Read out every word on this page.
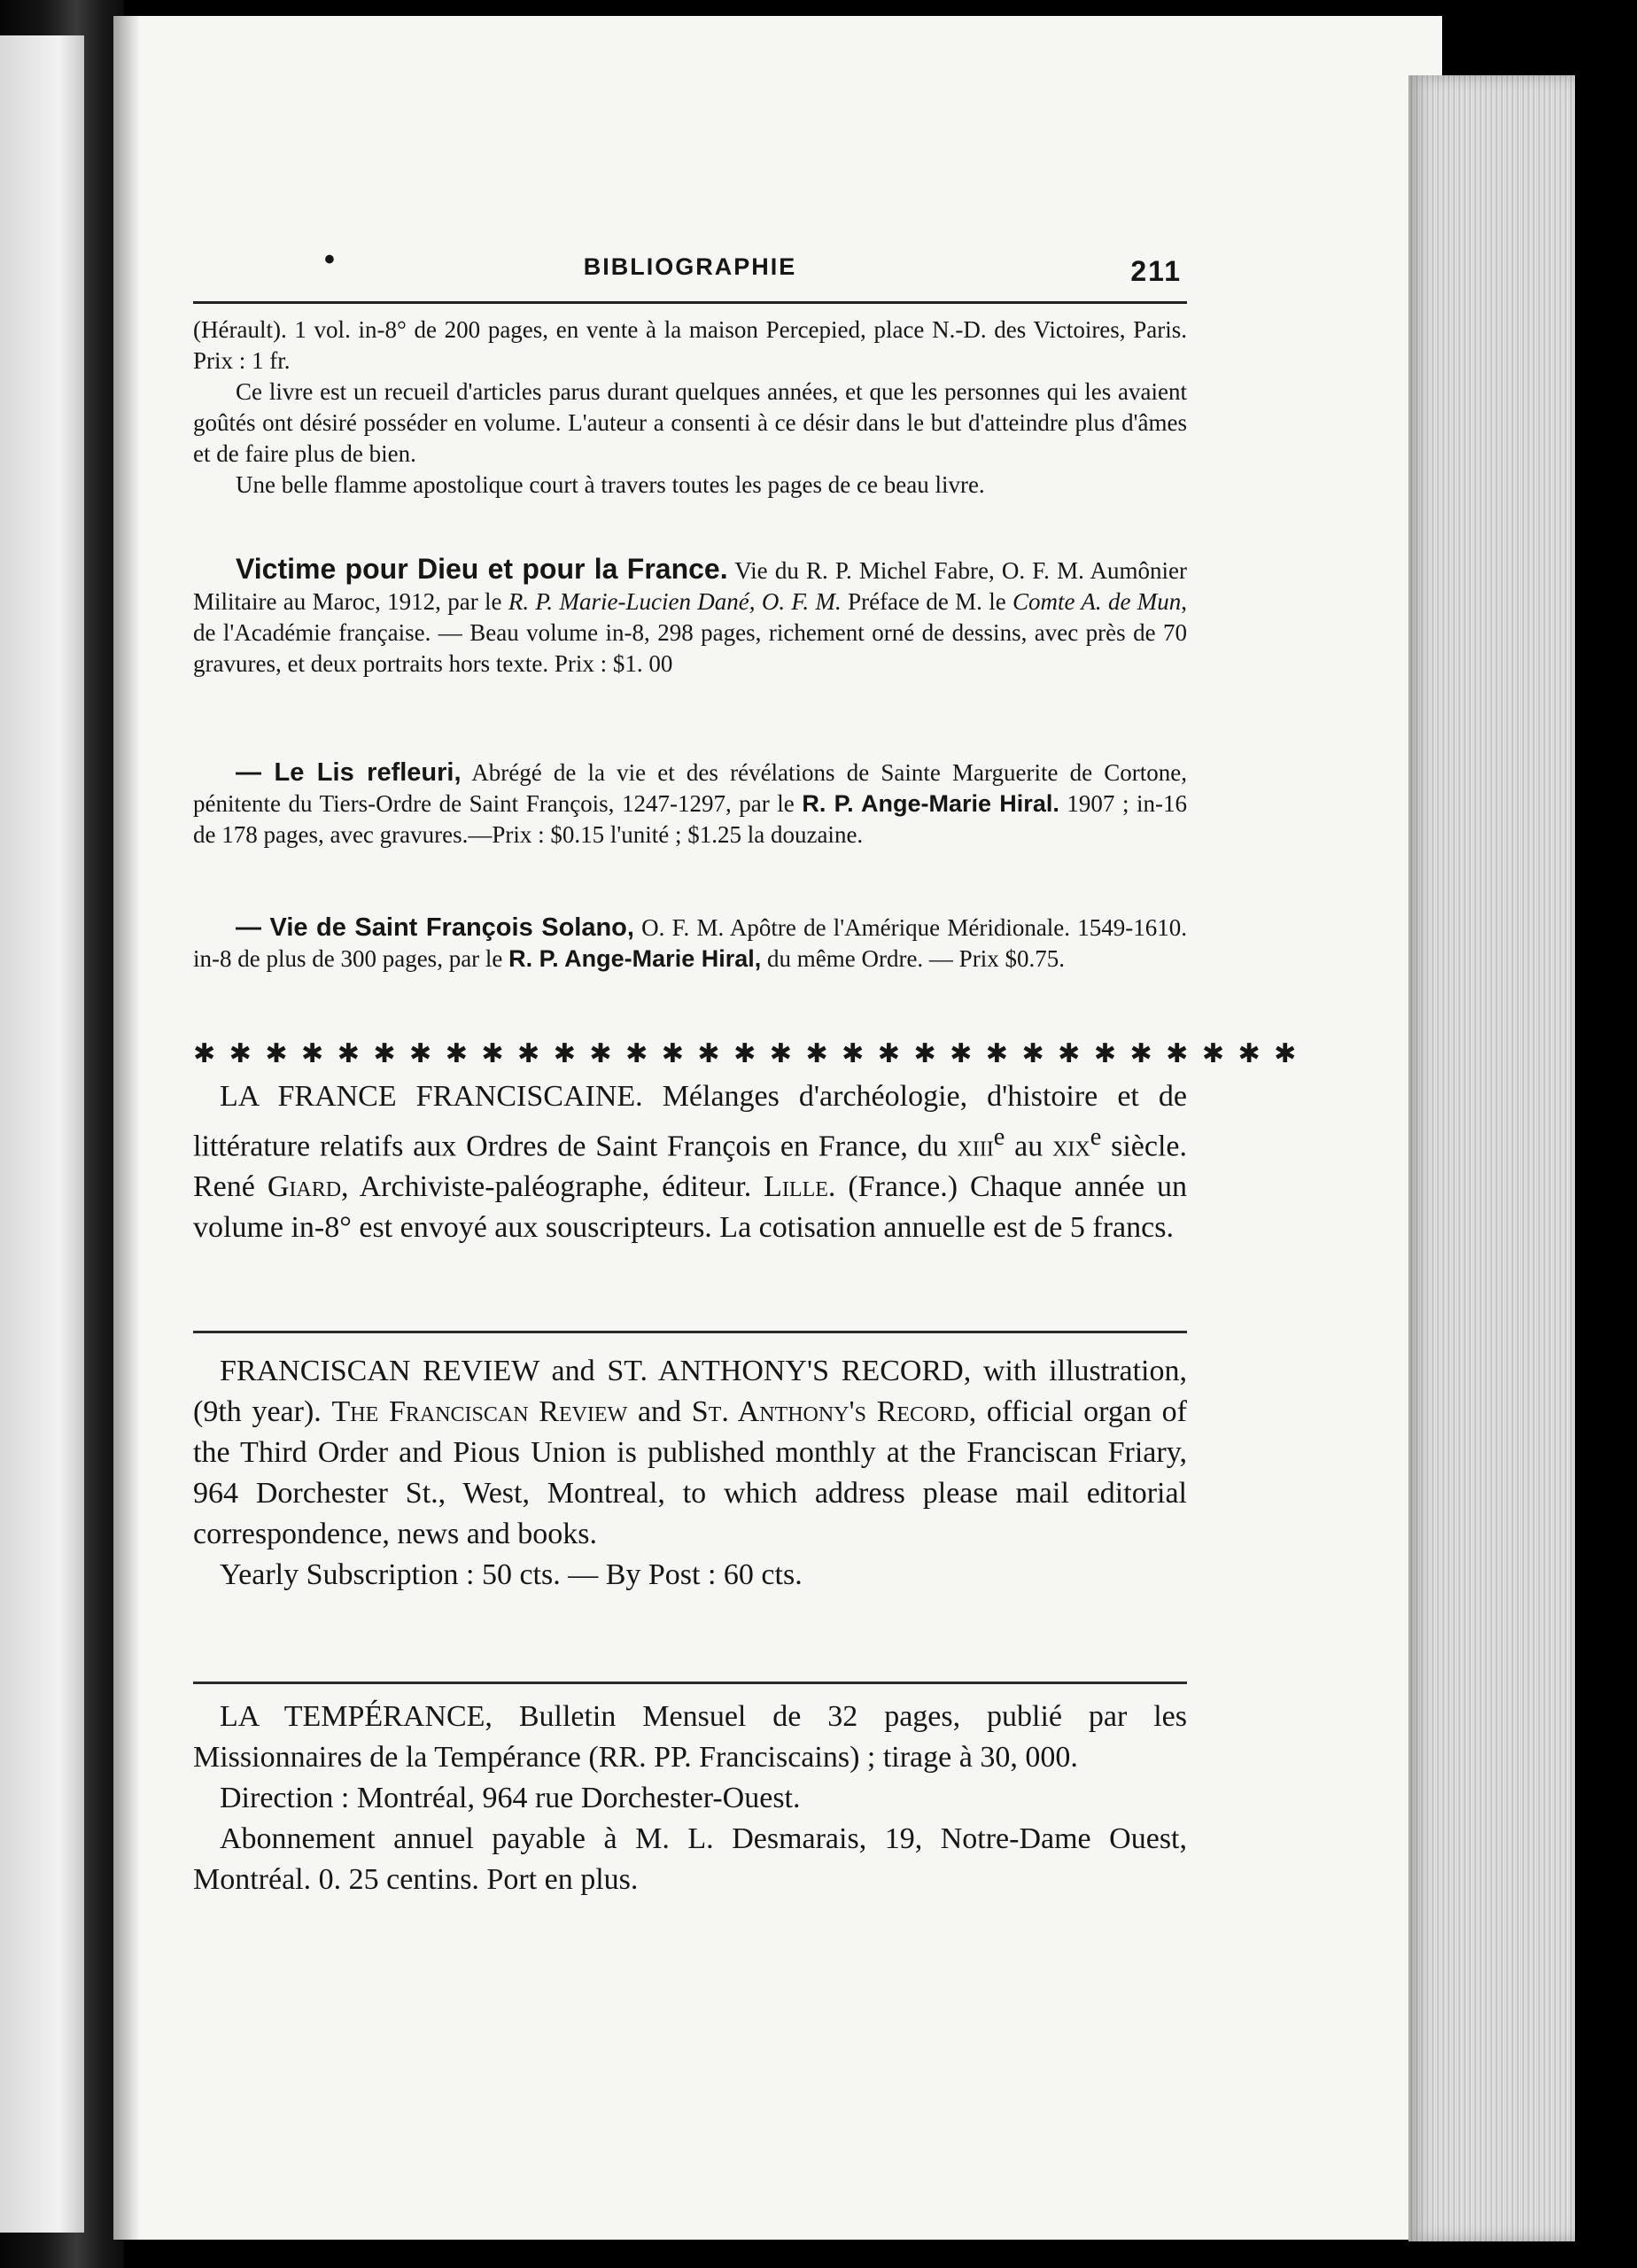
•	BIBLIOGRAPHIE	211

(Hérault). 1 vol. in-8° de 200 pages, en vente à la maison Percepied, place N.-D. des Victoires, Paris. Prix : 1 fr.

Ce livre est un recueil d'articles parus durant quelques années, et que les personnes qui les avaient goûtés ont désiré posséder en volume. L'auteur a consenti à ce désir dans le but d'atteindre plus d'âmes et de faire plus de bien.

Une belle flamme apostolique court à travers toutes les pages de ce beau livre.

Victime pour Dieu et pour la France. Vie du R. P. Michel Fabre, O. F. M. Aumônier Militaire au Maroc, 1912, par le R. P. Marie-Lucien Dané, O. F. M. Préface de M. le Comte A. de Mun, de l'Académie française. — Beau volume in-8, 298 pages, richement orné de dessins, avec près de 70 gravures, et deux portraits hors texte. Prix : $1. 00

— Le Lis refleuri, Abrégé de la vie et des révélations de Sainte Marguerite de Cortone, pénitente du Tiers-Ordre de Saint François, 1247-1297, par le R. P. Ange-Marie Hiral. 1907 ; in-16 de 178 pages, avec gravures.—Prix : $0.15 l'unité ; $1.25 la douzaine.

— Vie de Saint François Solano, O. F. M. Apôtre de l'Amérique Méridionale. 1549-1610. in-8 de plus de 300 pages, par le R. P. Ange-Marie Hiral, du même Ordre. — Prix $0.75.

✱ ✱ ✱ ✱ ✱ ✱ ✱ ✱ ✱ ✱ ✱ ✱ ✱ ✱ ✱ ✱ ✱ ✱ ✱ ✱ ✱ ✱ ✱ ✱ ✱ ✱ ✱ ✱ ✱ ✱ ✱

LA FRANCE FRANCISCAINE. Mélanges d'archéologie, d'histoire et de littérature relatifs aux Ordres de Saint François en France, du xiii$^e$ au xix$^e$ siècle. René Giard, Archiviste-paléographe, éditeur. Lille. (France.) Chaque année un volume in-8° est envoyé aux souscripteurs. La cotisation annuelle est de 5 francs.

FRANCISCAN REVIEW and ST. ANTHONY'S RECORD, with illustration, (9th year). The Franciscan Review and St. Anthony's Record, official organ of the Third Order and Pious Union is published monthly at the Franciscan Friary, 964 Dorchester St., West, Montreal, to which address please mail editorial correspondence, news and books.

Yearly Subscription : 50 cts. — By Post : 60 cts.

LA TEMPÉRANCE, Bulletin Mensuel de 32 pages, publié par les Missionnaires de la Tempérance (RR. PP. Franciscains) ; tirage à 30, 000.

Direction : Montréal, 964 rue Dorchester-Ouest.

Abonnement annuel payable à M. L. Desmarais, 19, Notre-Dame Ouest, Montréal. 0. 25 centins. Port en plus.
